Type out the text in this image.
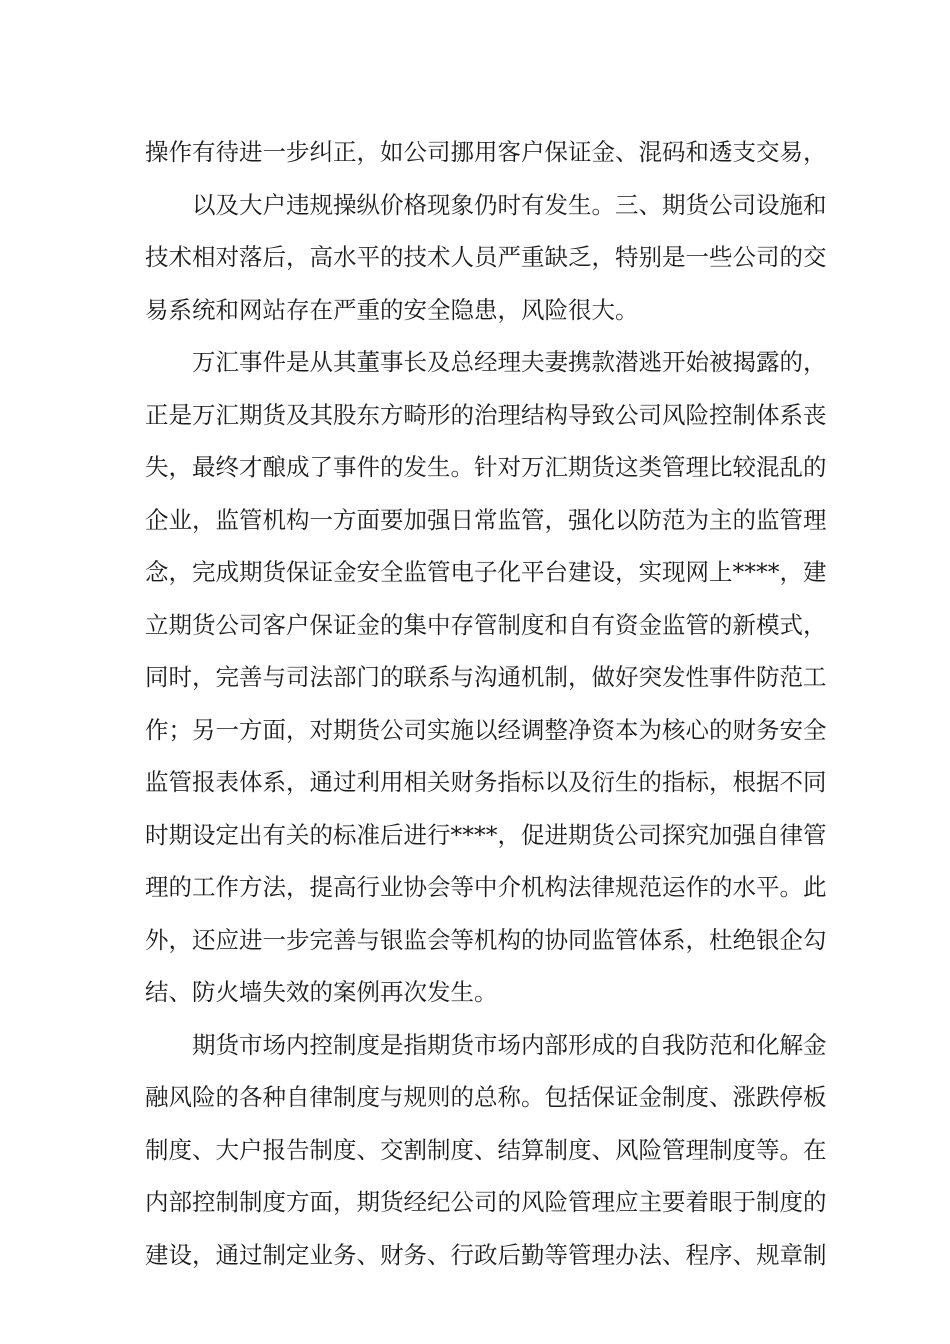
操作有待进一步纠正，如公司挪用客户保证金、混码和透支交易，
以及大户违规操纵价格现象仍时有发生。三、期货公司设施和
技术相对落后，高水平的技术人员严重缺乏，特别是一些公司的交
易系统和网站存在严重的安全隐患，风险很大。
万汇事件是从其董事长及总经理夫妻携款潜逃开始被揭露的，
正是万汇期货及其股东方畸形的治理结构导致公司风险控制体系丧
失，最终才酿成了事件的发生。针对万汇期货这类管理比较混乱的
企业，监管机构一方面要加强日常监管，强化以防范为主的监管理
念，完成期货保证金安全监管电子化平台建设，实现网上****，建
立期货公司客户保证金的集中存管制度和自有资金监管的新模式，
同时，完善与司法部门的联系与沟通机制，做好突发性事件防范工
作；另一方面，对期货公司实施以经调整净资本为核心的财务安全
监管报表体系，通过利用相关财务指标以及衍生的指标，根据不同
时期设定出有关的标准后进行****，促进期货公司探究加强自律管
理的工作方法，提高行业协会等中介机构法律规范运作的水平。此
外，还应进一步完善与银监会等机构的协同监管体系，杜绝银企勾
结、防火墙失效的案例再次发生。
期货市场内控制度是指期货市场内部形成的自我防范和化解金
融风险的各种自律制度与规则的总称。包括保证金制度、涨跌停板
制度、大户报告制度、交割制度、结算制度、风险管理制度等。在
内部控制制度方面，期货经纪公司的风险管理应主要着眼于制度的
建设，通过制定业务、财务、行政后勤等管理办法、程序、规章制
